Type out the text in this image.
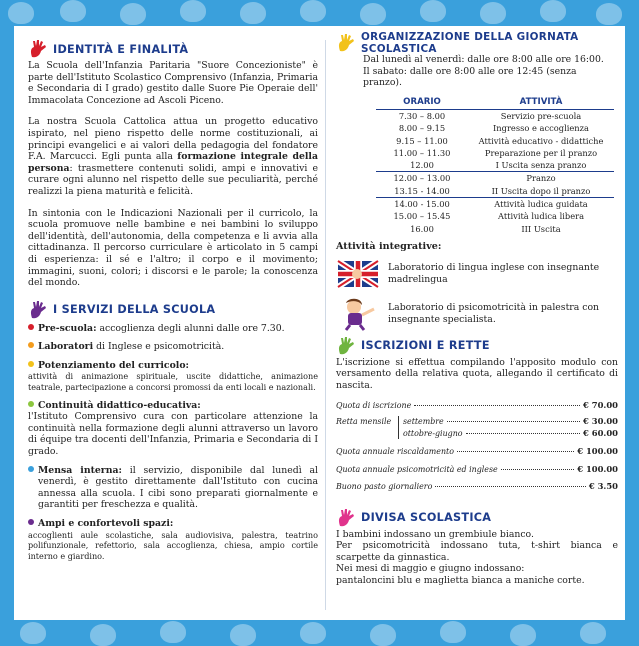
IDENTITÀ E FINALITÀ

La Scuola dell'Infanzia Paritaria "Suore Concezioniste" è parte dell'Istituto Scolastico Comprensivo (Infanzia, Primaria e Secondaria di I grado) gestito dalle Suore Pie Operaie dell' Immacolata Concezione ad Ascoli Piceno.

La nostra Scuola Cattolica attua un progetto educativo ispirato, nel pieno rispetto delle norme costituzionali, ai principi evangelici e ai valori della pedagogia del fondatore F.A. Marcucci. Egli punta alla formazione integrale della persona: trasmettere contenuti solidi, ampi e innovativi e curare ogni alunno nel rispetto delle sue peculiarità, perché realizzi la piena maturità e felicità.

In sintonia con le Indicazioni Nazionali per il curricolo, la scuola promuove nelle bambine e nei bambini lo sviluppo dell'identità, dell'autonomia, della competenza e li avvia alla cittadinanza. Il percorso curriculare è articolato in 5 campi di esperienza: il sé e l'altro; il corpo e il movimento; immagini, suoni, colori; i discorsi e le parole; la conoscenza del mondo.

I SERVIZI DELLA SCUOLA

Pre-scuola: accoglienza degli alunni dalle ore 7.30.

Laboratori di Inglese e psicomotricità.

Potenziamento del curricolo:

attività di animazione spirituale, uscite didattiche, animazione teatrale, partecipazione a concorsi promossi da enti locali e nazionali.

Continuità didattico-educativa:

l'Istituto Comprensivo cura con particolare attenzione la continuità nella formazione degli alunni attraverso un lavoro di équipe tra docenti dell'Infanzia, Primaria e Secondaria di I grado.

Mensa interna: il servizio, disponibile dal lunedì al venerdì, è gestito direttamente dall'Istituto con cucina annessa alla scuola. I cibi sono preparati giornalmente e garantiti per freschezza e qualità.

Ampi e confortevoli spazi:

accoglienti aule scolastiche, sala audiovisiva, palestra, teatrino polifunzionale, refettorio, sala accoglienza, chiesa, ampio cortile interno e giardino.

ORGANIZZAZIONE DELLA GIORNATA SCOLASTICA

Dal lunedì al venerdì: dalle ore 8:00 alle ore 16:00.

Il sabato: dalle ore 8:00 alle ore 12:45 (senza pranzo).

ORARIO	ATTIVITÀ
7.30 – 8.00	Servizio pre-scuola
8.00 – 9.15	Ingresso e accoglienza
9.15 – 11.00	Attività educativo - didattiche
11.00 – 11.30	Preparazione per il pranzo
12.00	I Uscita senza pranzo
12.00 – 13.00	Pranzo
13.15 - 14.00	II Uscita dopo il pranzo
14.00 - 15.00	Attività ludica guidata
15.00 – 15.45	Attività ludica libera
16.00	III Uscita

Attività integrative:

Laboratorio di lingua inglese con insegnante madrelingua
Laboratorio di psicomotricità in palestra con insegnante specialista.
ISCRIZIONI E RETTE

L'iscrizione si effettua compilando l'apposito modulo con versamento della relativa quota, allegando il certificato di nascita.

Quota di iscrizione	€ 70.00
Retta mensile	settembre	€ 30.00
ottobre-giugno	€ 60.00
Quota annuale riscaldamento	€ 100.00
Quota annuale psicomotricità ed inglese	€ 100.00
Buono pasto giornaliero	€ 3.50
DIVISA SCOLASTICA

I bambini indossano un grembiule bianco.

Per psicomotricità indossano tuta, t-shirt bianca e scarpette da ginnastica.

Nei mesi di maggio e giugno indossano:

pantaloncini blu e maglietta bianca a maniche corte.
